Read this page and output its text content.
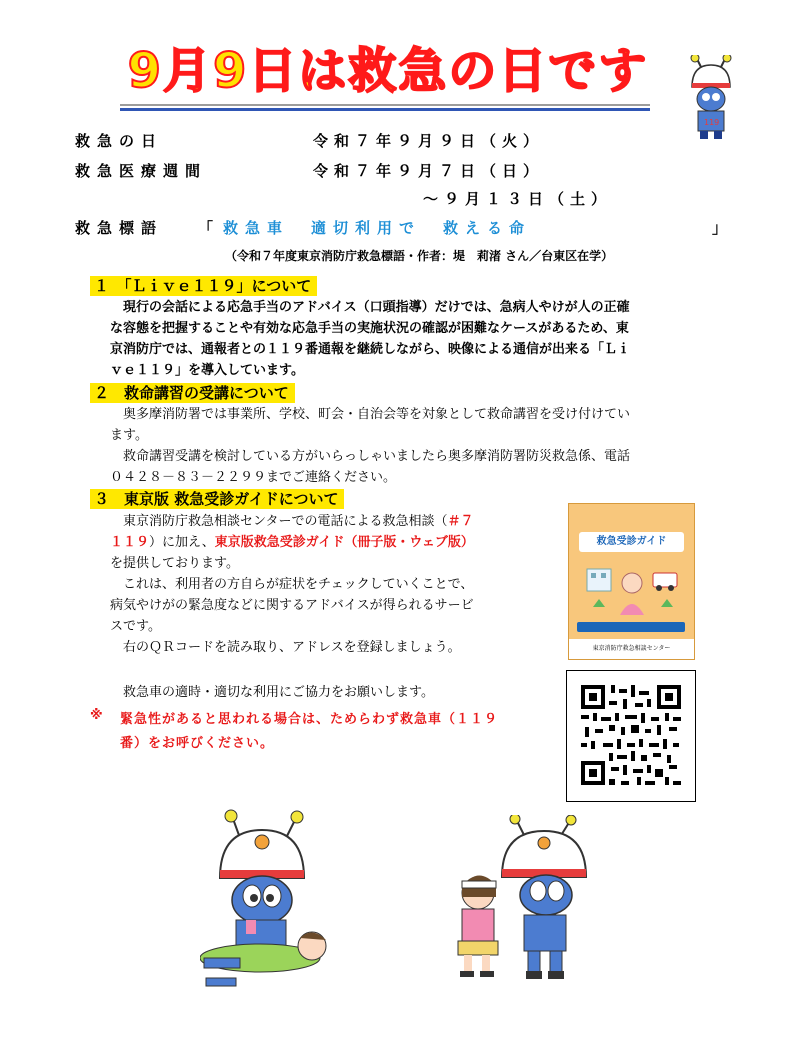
9月9日は救急の日です
119
救急の日	令和７年９月９日（火）
救急医療週間	令和７年９月７日（日）
～９月１３日（土）
救急標語 「 救急車　適切利用で　救える命	」
（令和７年度東京消防庁救急標語・作者：堤　莉渚 さん／台東区在学）
１　「Ｌｉｖｅ１１９」について
　現行の会話による応急手当のアドバイス（口頭指導）だけでは、急病人やけが人の正確
な容態を把握することや有効な応急手当の実施状況の確認が困難なケースがあるため、東
京消防庁では、通報者との１１９番通報を継続しながら、映像による通信が出来る「Ｌｉ
ｖｅ１１９」を導入しています。
２　救命講習の受講について
　奥多摩消防署では事業所、学校、町会・自治会等を対象として救命講習を受け付けてい
ます。
　救命講習受講を検討している方がいらっしゃいましたら奥多摩消防署防災救急係、電話
０４２８－８３－２２９９までご連絡ください。
３　東京版 救急受診ガイドについて
　東京消防庁救急相談センターでの電話による救急相談（＃７
１１９）に加え、東京版救急受診ガイド（冊子版・ウェブ版）
を提供しております。
　これは、利用者の方自らが症状をチェックしていくことで、
病気やけがの緊急度などに関するアドバイスが得られるサービ
スです。
　右のＱＲコードを読み取り、アドレスを登録しましょう。
救急受診ガイド
東京消防庁救急相談センター
　救急車の適時・適切な利用にご協力をお願いします。
※ 緊急性があると思われる場合は、ためらわず救急車（１１９
番）をお呼びください。
